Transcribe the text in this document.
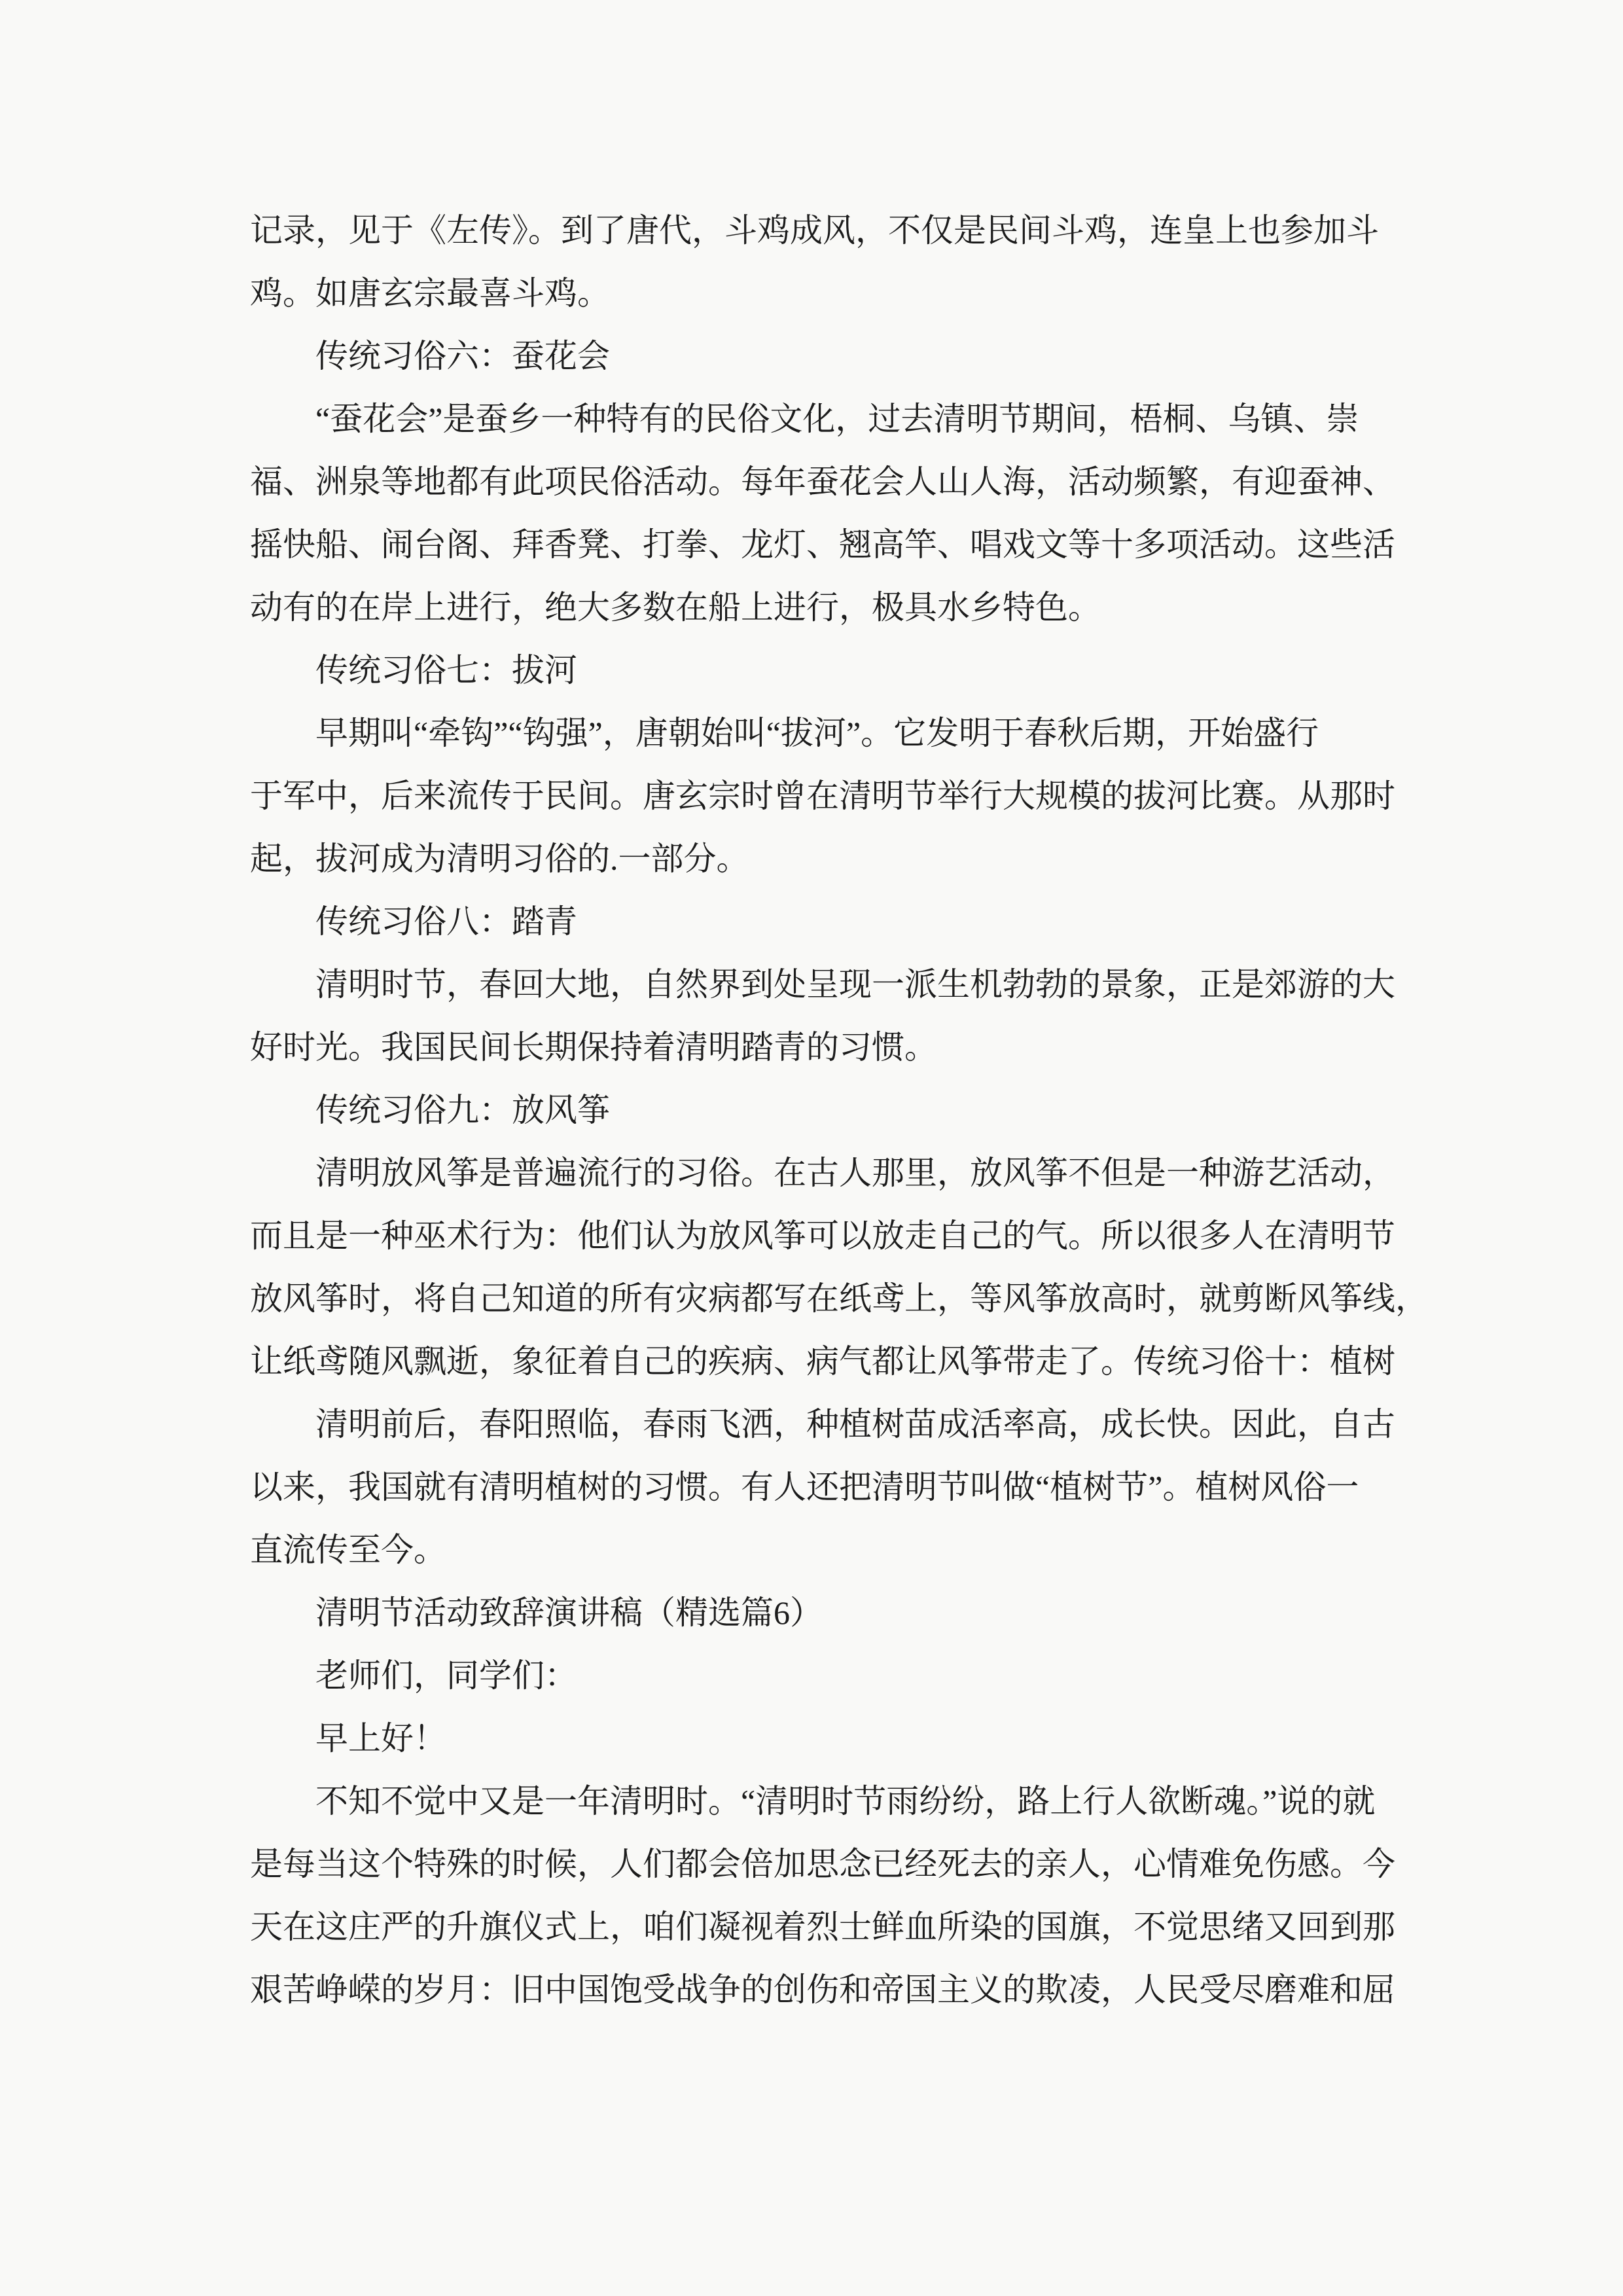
记录，见于《左传》。到了唐代，斗鸡成风，不仅是民间斗鸡，连皇上也参加斗
鸡。如唐玄宗最喜斗鸡。
传统习俗六：蚕花会
“蚕花会”是蚕乡一种特有的民俗文化，过去清明节期间，梧桐、乌镇、崇
福、洲泉等地都有此项民俗活动。每年蚕花会人山人海，活动频繁，有迎蚕神、
摇快船、闹台阁、拜香凳、打拳、龙灯、翘高竿、唱戏文等十多项活动。这些活
动有的在岸上进行，绝大多数在船上进行，极具水乡特色。
传统习俗七：拔河
早期叫“牵钩”“钩强”，唐朝始叫“拔河”。它发明于春秋后期，开始盛行
于军中，后来流传于民间。唐玄宗时曾在清明节举行大规模的拔河比赛。从那时
起，拔河成为清明习俗的.一部分。
传统习俗八：踏青
清明时节，春回大地，自然界到处呈现一派生机勃勃的景象，正是郊游的大
好时光。我国民间长期保持着清明踏青的习惯。
传统习俗九：放风筝
清明放风筝是普遍流行的习俗。在古人那里，放风筝不但是一种游艺活动，
而且是一种巫术行为：他们认为放风筝可以放走自己的气。所以很多人在清明节
放风筝时，将自己知道的所有灾病都写在纸鸢上，等风筝放高时，就剪断风筝线，
让纸鸢随风飘逝，象征着自己的疾病、病气都让风筝带走了。传统习俗十：植树
清明前后，春阳照临，春雨飞洒，种植树苗成活率高，成长快。因此，自古
以来，我国就有清明植树的习惯。有人还把清明节叫做“植树节”。植树风俗一
直流传至今。
清明节活动致辞演讲稿（精选篇6）
老师们，同学们：
早上好！
不知不觉中又是一年清明时。“清明时节雨纷纷，路上行人欲断魂。”说的就
是每当这个特殊的时候，人们都会倍加思念已经死去的亲人，心情难免伤感。今
天在这庄严的升旗仪式上，咱们凝视着烈士鲜血所染的国旗，不觉思绪又回到那
艰苦峥嵘的岁月：旧中国饱受战争的创伤和帝国主义的欺凌，人民受尽磨难和屈
